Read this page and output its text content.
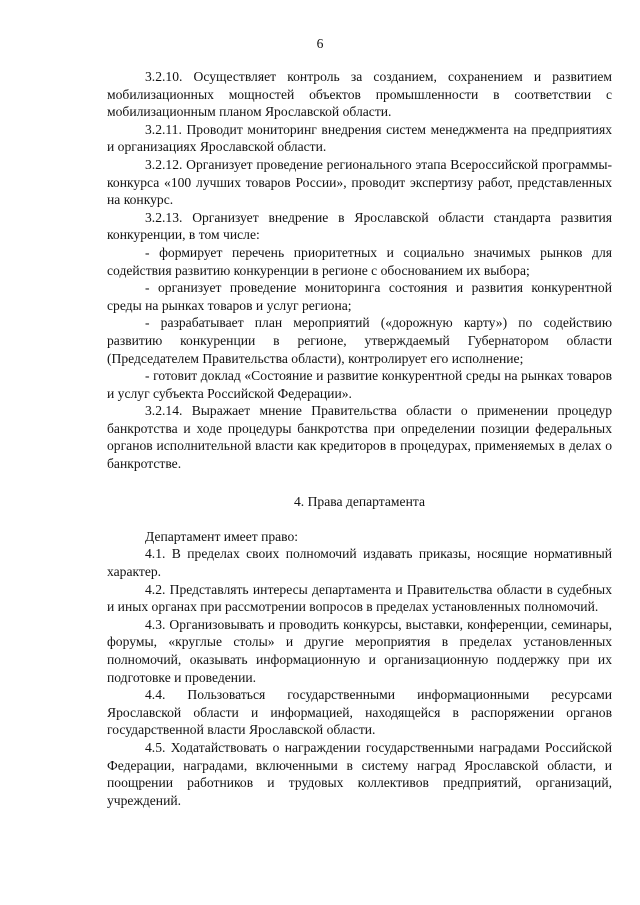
6

3.2.10. Осуществляет контроль за созданием, сохранением и развитием мобилизационных мощностей объектов промышленности в соответствии с мобилизационным планом Ярославской области.

3.2.11. Проводит мониторинг внедрения систем менеджмента на предприятиях и организациях Ярославской области.

3.2.12. Организует проведение регионального этапа Всероссийской программы-конкурса «100 лучших товаров России», проводит экспертизу работ, представленных на конкурс.

3.2.13. Организует внедрение в Ярославской области стандарта развития конкуренции, в том числе:

- формирует перечень приоритетных и социально значимых рынков для содействия развитию конкуренции в регионе с обоснованием их выбора;

- организует проведение мониторинга состояния и развития конкурентной среды на рынках товаров и услуг региона;

- разрабатывает план мероприятий («дорожную карту») по содействию развитию конкуренции в регионе, утверждаемый Губернатором области (Председателем Правительства области), контролирует его исполнение;

- готовит доклад «Состояние и развитие конкурентной среды на рынках товаров и услуг субъекта Российской Федерации».

3.2.14. Выражает мнение Правительства области о применении процедур банкротства и ходе процедуры банкротства при определении позиции федеральных органов исполнительной власти как кредиторов в процедурах, применяемых в делах о банкротстве.

4. Права департамента

Департамент имеет право:

4.1. В пределах своих полномочий издавать приказы, носящие нормативный характер.

4.2. Представлять интересы департамента и Правительства области в судебных и иных органах при рассмотрении вопросов в пределах установленных полномочий.

4.3. Организовывать и проводить конкурсы, выставки, конференции, семинары, форумы, «круглые столы» и другие мероприятия в пределах установленных полномочий, оказывать информационную и организационную поддержку при их подготовке и проведении.

4.4. Пользоваться государственными информационными ресурсами Ярославской области и информацией, находящейся в распоряжении органов государственной власти Ярославской области.

4.5. Ходатайствовать о награждении государственными наградами Российской Федерации, наградами, включенными в систему наград Ярославской области, и поощрении работников и трудовых коллективов предприятий, организаций, учреждений.
